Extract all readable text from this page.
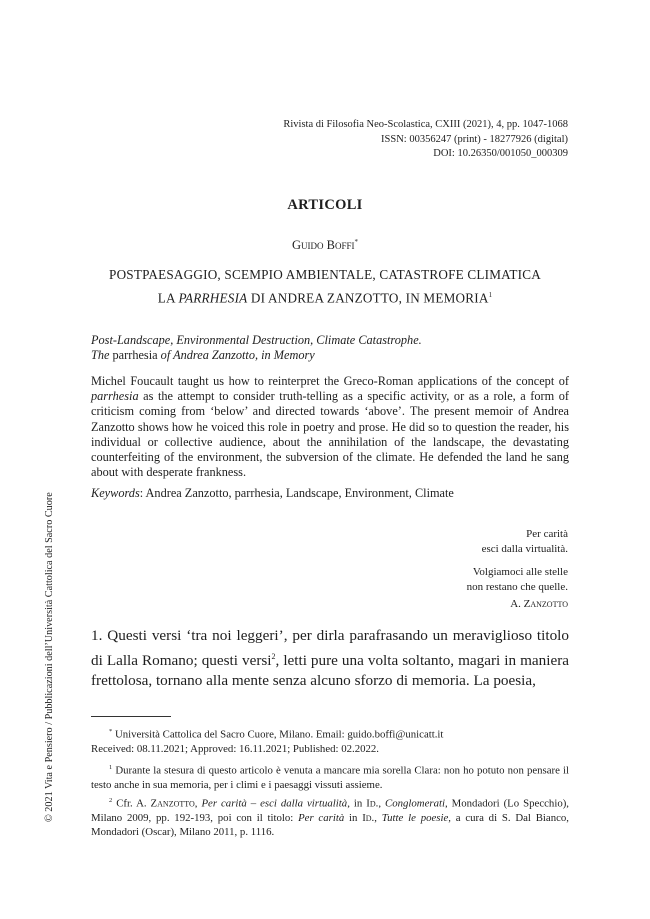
Rivista di Filosofia Neo-Scolastica, CXIII (2021), 4, pp. 1047-1068
ISSN: 00356247 (print) - 18277926 (digital)
DOI: 10.26350/001050_000309
ARTICOLI
Guido Boffi*
POSTPAESAGGIO, SCEMPIO AMBIENTALE, CATASTROFE CLIMATICA
LA PARRHESIA DI ANDREA ZANZOTTO, IN MEMORIA$^1$
Post-Landscape, Environmental Destruction, Climate Catastrophe.
The parrhesia of Andrea Zanzotto, in Memory
Michel Foucault taught us how to reinterpret the Greco-Roman applications of the concept of parrhesia as the attempt to consider truth-telling as a specific activity, or as a role, a form of criticism coming from ‘below’ and directed towards ‘above’. The present memoir of Andrea Zanzotto shows how he voiced this role in poetry and prose. He did so to question the reader, his individual or collective audience, about the annihilation of the landscape, the devastating counterfeiting of the environment, the subversion of the climate. He defended the land he sang about with desperate frankness.
Keywords: Andrea Zanzotto, parrhesia, Landscape, Environment, Climate
Per carità
esci dalla virtualità.
Volgiamoci alle stelle
non restano che quelle.
A. Zanzotto
1. Questi versi ‘tra noi leggeri’, per dirla parafrasando un meraviglioso titolo di Lalla Romano; questi versi$^2$, letti pure una volta soltanto, magari in maniera frettolosa, tornano alla mente senza alcuno sforzo di memoria. La poesia,

* Università Cattolica del Sacro Cuore, Milano. Email: guido.boffi@unicatt.it
Received: 08.11.2021; Approved: 16.11.2021; Published: 02.2022.

$^1$ Durante la stesura di questo articolo è venuta a mancare mia sorella Clara: non ho potuto non pensare il testo anche in sua memoria, per i climi e i paesaggi vissuti assieme.

$^2$ Cfr. A. Zanzotto, Per carità – esci dalla virtualità, in Id., Conglomerati, Mondadori (Lo Specchio), Milano 2009, pp. 192-193, poi con il titolo: Per carità in Id., Tutte le poesie, a cura di S. Dal Bianco, Mondadori (Oscar), Milano 2011, p. 1116.

© 2021 Vita e Pensiero / Pubblicazioni dell’Università Cattolica del Sacro Cuore
